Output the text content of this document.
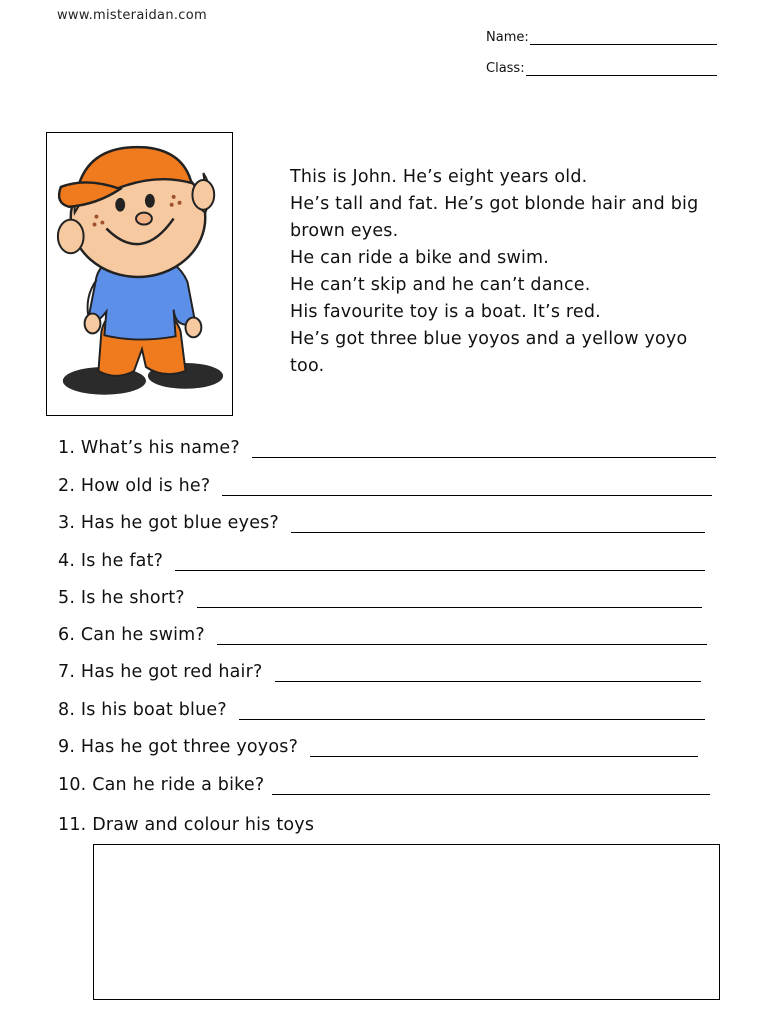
www.misteraidan.com
Name:
Class:
This is John. He’s eight years old.
He’s tall and fat. He’s got blonde hair and big
brown eyes.
He can ride a bike and swim.
He can’t skip and he can’t dance.
His favourite toy is a boat. It’s red.
He’s got three blue yoyos and a yellow yoyo
too.
1. What’s his name?
2. How old is he?
3. Has he got blue eyes?
4. Is he fat?
5. Is he short?
6. Can he swim?
7. Has he got red hair?
8. Is his boat blue?
9. Has he got three yoyos?
10. Can he ride a bike?
11. Draw and colour his toys
